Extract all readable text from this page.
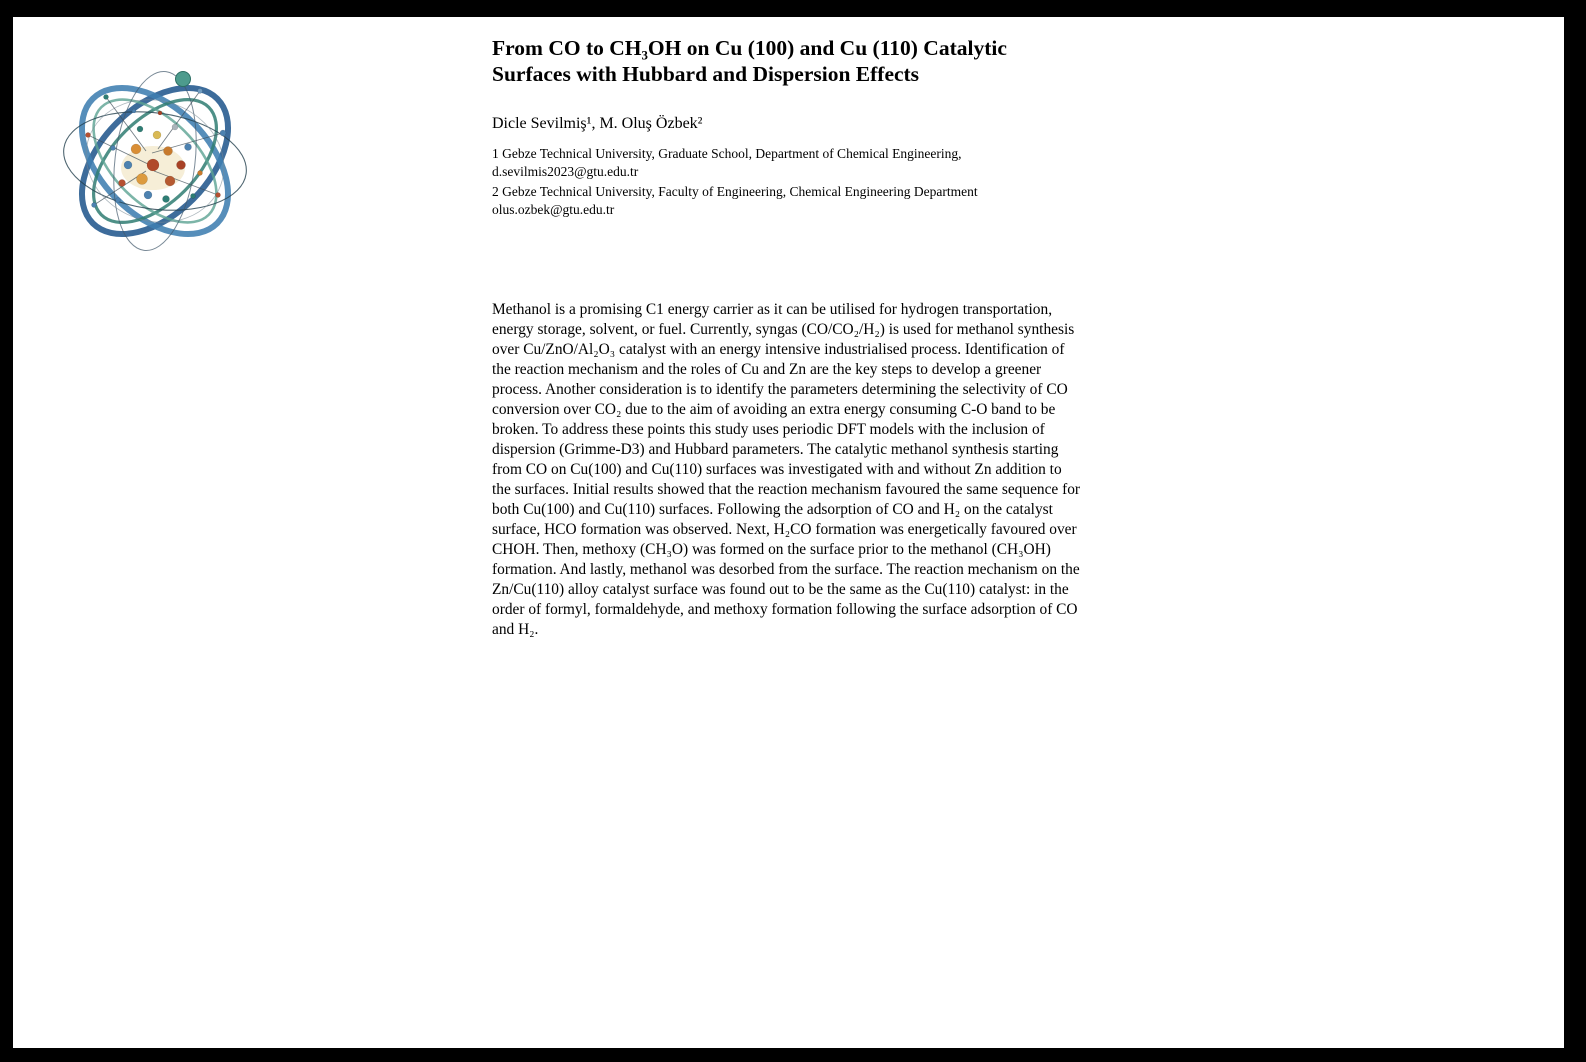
From CO to CH₃OH on Cu (100) and Cu (110) Catalytic Surfaces with Hubbard and Dispersion Effects

Dicle Sevilmiş¹, M. Oluş Özbek²

1 Gebze Technical University, Graduate School, Department of Chemical Engineering,
d.sevilmis2023@gtu.edu.tr
2 Gebze Technical University, Faculty of Engineering, Chemical Engineering Department
olus.ozbek@gtu.edu.tr

Methanol is a promising C1 energy carrier as it can be utilised for hydrogen transportation, energy storage, solvent, or fuel. Currently, syngas (CO/CO₂/H₂) is used for methanol synthesis over Cu/ZnO/Al₂O₃ catalyst with an energy intensive industrialised process. Identification of the reaction mechanism and the roles of Cu and Zn are the key steps to develop a greener process. Another consideration is to identify the parameters determining the selectivity of CO conversion over CO₂ due to the aim of avoiding an extra energy consuming C-O band to be broken. To address these points this study uses periodic DFT models with the inclusion of dispersion (Grimme-D3) and Hubbard parameters. The catalytic methanol synthesis starting from CO on Cu(100) and Cu(110) surfaces was investigated with and without Zn addition to the surfaces. Initial results showed that the reaction mechanism favoured the same sequence for both Cu(100) and Cu(110) surfaces. Following the adsorption of CO and H₂ on the catalyst surface, HCO formation was observed. Next, H₂CO formation was energetically favoured over CHOH. Then, methoxy (CH₃O) was formed on the surface prior to the methanol (CH₃OH) formation. And lastly, methanol was desorbed from the surface. The reaction mechanism on the Zn/Cu(110) alloy catalyst surface was found out to be the same as the Cu(110) catalyst: in the order of formyl, formaldehyde, and methoxy formation following the surface adsorption of CO and H₂.
